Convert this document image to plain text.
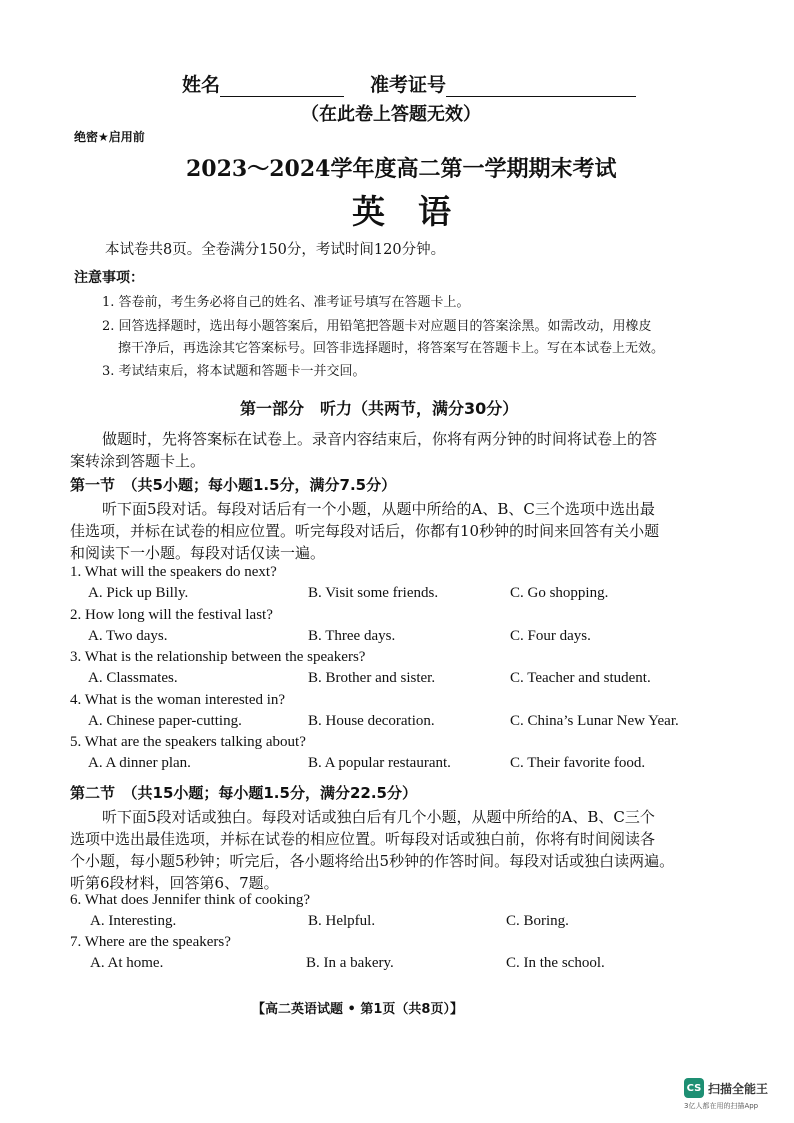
姓名	准考证号
（在此卷上答题无效）
绝密★启用前
2023～2024学年度高二第一学期期末考试
英　语
本试卷共8页。全卷满分150分，考试时间120分钟。
注意事项：
1. 答卷前，考生务必将自己的姓名、准考证号填写在答题卡上。
2. 回答选择题时，选出每小题答案后，用铅笔把答题卡对应题目的答案涂黑。如需改动，用橡皮
擦干净后，再选涂其它答案标号。回答非选择题时，将答案写在答题卡上。写在本试卷上无效。
3. 考试结束后，将本试题和答题卡一并交回。
第一部分　听力（共两节，满分30分）
做题时，先将答案标在试卷上。录音内容结束后，你将有两分钟的时间将试卷上的答
案转涂到答题卡上。
第一节　（共5小题；每小题1.5分，满分7.5分）
听下面5段对话。每段对话后有一个小题，从题中所给的A、B、C三个选项中选出最
佳选项，并标在试卷的相应位置。听完每段对话后，你都有10秒钟的时间来回答有关小题
和阅读下一小题。每段对话仅读一遍。
1. What will the speakers do next?
A. Pick up Billy.	B. Visit some friends.	C. Go shopping.
2. How long will the festival last?
A. Two days.	B. Three days.	C. Four days.
3. What is the relationship between the speakers?
A. Classmates.	B. Brother and sister.	C. Teacher and student.
4. What is the woman interested in?
A. Chinese paper-cutting.	B. House decoration.	C. China’s Lunar New Year.
5. What are the speakers talking about?
A. A dinner plan.	B. A popular restaurant.	C. Their favorite food.
第二节　（共15小题；每小题1.5分，满分22.5分）
听下面5段对话或独白。每段对话或独白后有几个小题，从题中所给的A、B、C三个
选项中选出最佳选项，并标在试卷的相应位置。听每段对话或独白前，你将有时间阅读各
个小题，每小题5秒钟；听完后，各小题将给出5秒钟的作答时间。每段对话或独白读两遍。
听第6段材料，回答第6、7题。
6. What does Jennifer think of cooking?
A. Interesting.	B. Helpful.	C. Boring.
7. Where are the speakers?
A. At home.	B. In a bakery.	C. In the school.
【高二英语试题 • 第1页（共8页）】
CS 扫描全能王
3亿人都在用的扫描App
